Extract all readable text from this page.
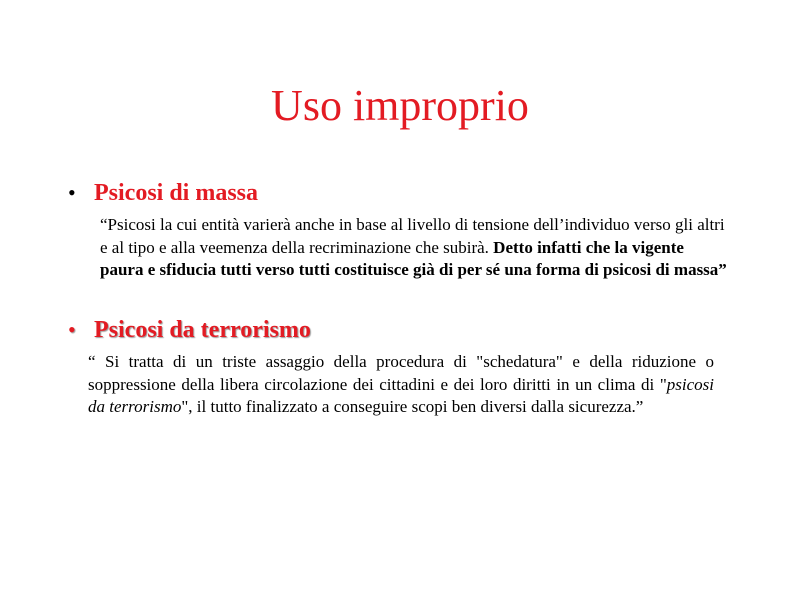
Uso improprio
• Psicosi di massa
“Psicosi la cui entità varierà anche in base al livello di tensione dell’individuo verso gli altri e al tipo e alla veemenza della recriminazione che subirà. Detto infatti che la vigente paura e sfiducia tutti verso tutti costituisce già di per sé una forma di psicosi di massa”
• Psicosi da terrorismo
“ Si tratta di un triste assaggio della procedura di "schedatura" e della riduzione o soppressione della libera circolazione dei cittadini e dei loro diritti in un clima di "psicosi da terrorismo", il tutto finalizzato a conseguire scopi ben diversi dalla sicurezza.”
